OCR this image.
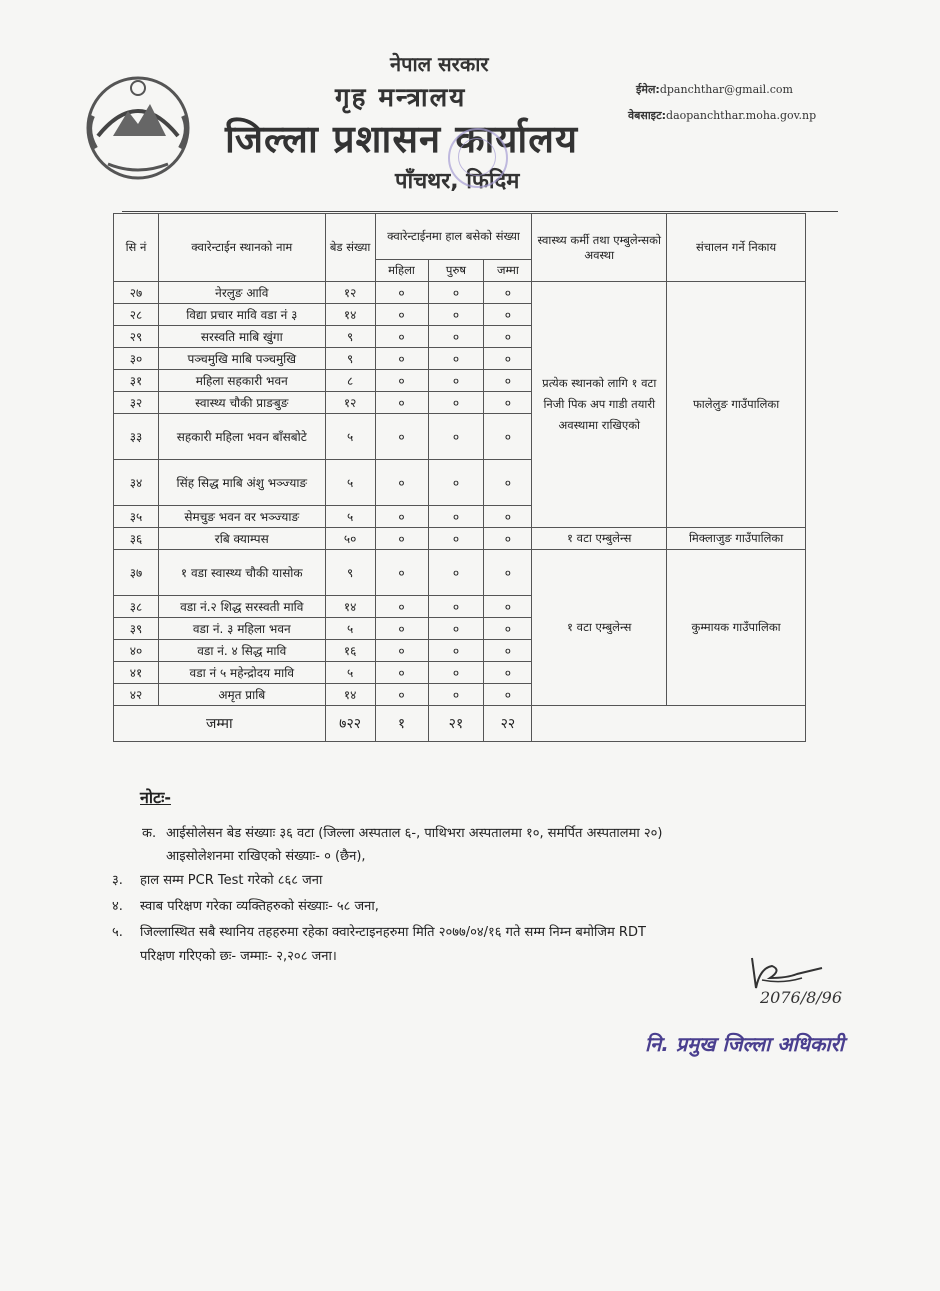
नेपाल सरकार
गृह मन्त्रालय
जिल्ला प्रशासन कार्यालय
पाँचथर, फिदिम
ईमेल:dpanchthar@gmail.com
वेबसाइट:daopanchthar.moha.gov.np
सि नं	क्वारेन्टाईन स्थानको नाम	बेड संख्या	क्वारेन्टाईनमा हाल बसेको संख्या			स्वास्थ्य कर्मी तथा एम्बुलेन्सको अवस्था	संचालन गर्ने निकाय
			महिला	पुरुष	जम्मा		
२७	नेरलुङ आवि	१२	०	०	०	प्रत्येक स्थानको लागि १ वटा निजी पिक अप गाडी तयारी अवस्थामा राखिएको	फालेलुङ गाउँपालिका
२८	विद्या प्रचार मावि वडा नं ३	१४	०	०	०		
२९	सरस्वति माबि खुंगा	९	०	०	०		
३०	पञ्चमुखि माबि पञ्चमुखि	९	०	०	०		
३१	महिला सहकारी भवन	८	०	०	०		
३२	स्वास्थ्य चौकी प्राङबुङ	१२	०	०	०		
३३	सहकारी महिला भवन बाँसबोटे	५	०	०	०		
३४	सिंह सिद्ध माबि अंशु भञ्ज्याङ	५	०	०	०		
३५	सेमचुङ भवन वर भञ्ज्याङ	५	०	०	०		
३६	रबि क्याम्पस	५०	०	०	०	१ वटा एम्बुलेन्स	मिक्लाजुङ गाउँपालिका
३७	१ वडा स्वास्थ्य चौकी यासोक	९	०	०	०	१ वटा एम्बुलेन्स	कुम्मायक गाउँपालिका
३८	वडा नं.२ शिद्ध सरस्वती मावि	१४	०	०	०		
३९	वडा नं. ३ महिला भवन	५	०	०	०		
४०	वडा नं. ४ सिद्ध मावि	१६	०	०	०		
४१	वडा नं ५ महेन्द्रोदय मावि	५	०	०	०		
४२	अमृत प्राबि	१४	०	०	०		
जम्मा		७२२	१	२१	२२		
नोटः-
क. आईसोलेसन बेड संख्याः ३६ वटा (जिल्ला अस्पताल ६-, पाथिभरा अस्पतालमा १०, समर्पित अस्पतालमा २०)
आइसोलेशनमा राखिएको संख्याः- ० (छैन),
३. हाल सम्म PCR Test गरेको ८६८ जना
४. स्वाब परिक्षण गरेका व्यक्तिहरुको संख्याः- ५८ जना,
५. जिल्लास्थित सबै स्थानिय तहहरुमा रहेका क्वारेन्टाइनहरुमा मिति २०७७/०४/१६ गते सम्म निम्न बमोजिम RDT
परिक्षण गरिएको छः- जम्माः- २,२०८ जना।
2076/8/96
नि. प्रमुख जिल्ला अधिकारी
